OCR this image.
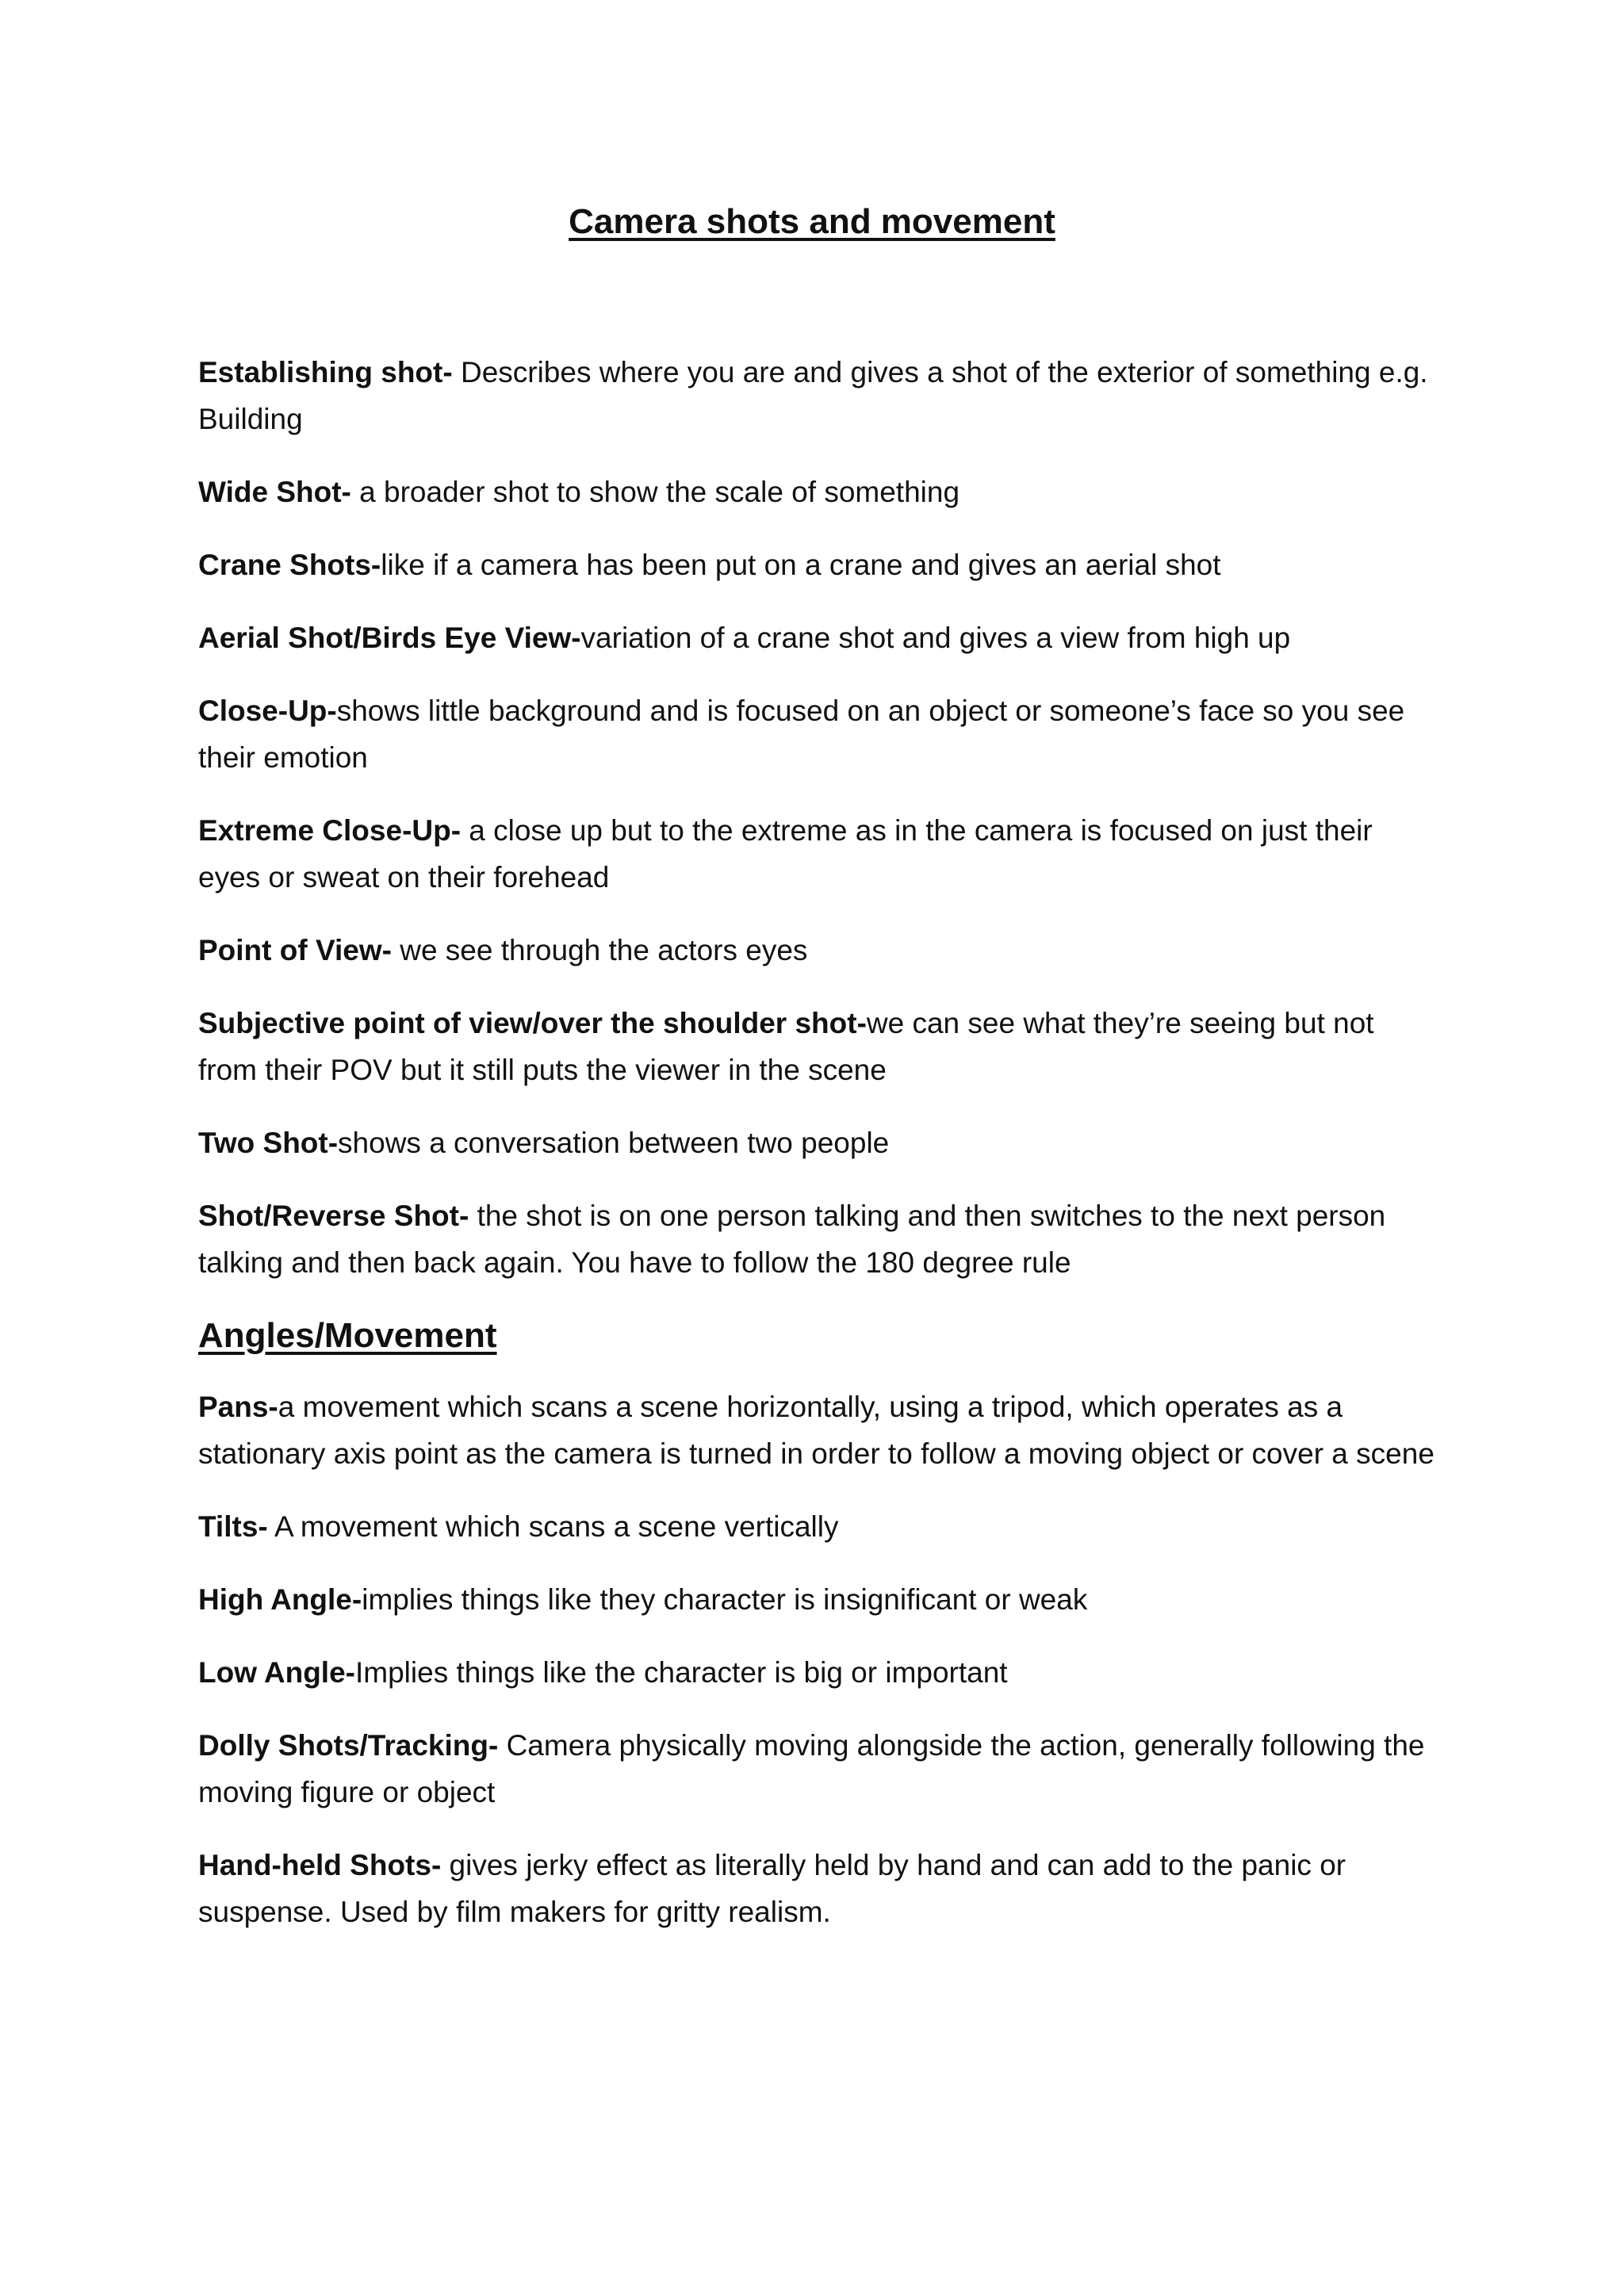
Camera shots and movement

Establishing shot- Describes where you are and gives a shot of the exterior of something e.g. Building

Wide Shot- a broader shot to show the scale of something

Crane Shots-like if a camera has been put on a crane and gives an aerial shot

Aerial Shot/Birds Eye View-variation of a crane shot and gives a view from high up

Close-Up-shows little background and is focused on an object or someone’s face so you see their emotion

Extreme Close-Up- a close up but to the extreme as in the camera is focused on just their eyes or sweat on their forehead

Point of View- we see through the actors eyes

Subjective point of view/over the shoulder shot-we can see what they’re seeing but not from their POV but it still puts the viewer in the scene

Two Shot-shows a conversation between two people

Shot/Reverse Shot- the shot is on one person talking and then switches to the next person talking and then back again. You have to follow the 180 degree rule

Angles/Movement

Pans-a movement which scans a scene horizontally, using a tripod, which operates as a stationary axis point as the camera is turned in order to follow a moving object or cover a scene

Tilts- A movement which scans a scene vertically

High Angle-implies things like they character is insignificant or weak

Low Angle-Implies things like the character is big or important

Dolly Shots/Tracking- Camera physically moving alongside the action, generally following the moving figure or object

Hand-held Shots- gives jerky effect as literally held by hand and can add to the panic or suspense. Used by film makers for gritty realism.
